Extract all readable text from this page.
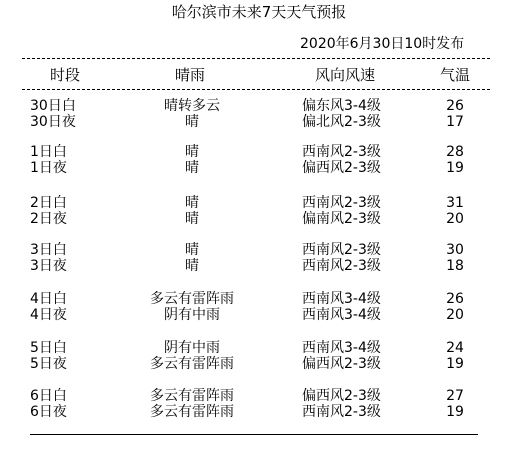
哈尔滨市未来7天天气预报
2020年6月30日10时发布
时段	晴雨	风向风速	气温
30日白	晴转多云	偏东风3-4级	26
30日夜	晴	偏北风2-3级	17
1日白	晴	西南风2-3级	28
1日夜	晴	偏西风2-3级	19
2日白	晴	西南风2-3级	31
2日夜	晴	偏南风2-3级	20
3日白	晴	西南风2-3级	30
3日夜	晴	西南风2-3级	18
4日白	多云有雷阵雨	西南风3-4级	26
4日夜	阴有中雨	西南风3-4级	20
5日白	阴有中雨	西南风3-4级	24
5日夜	多云有雷阵雨	偏西风2-3级	19
6日白	多云有雷阵雨	偏西风2-3级	27
6日夜	多云有雷阵雨	西南风2-3级	19
